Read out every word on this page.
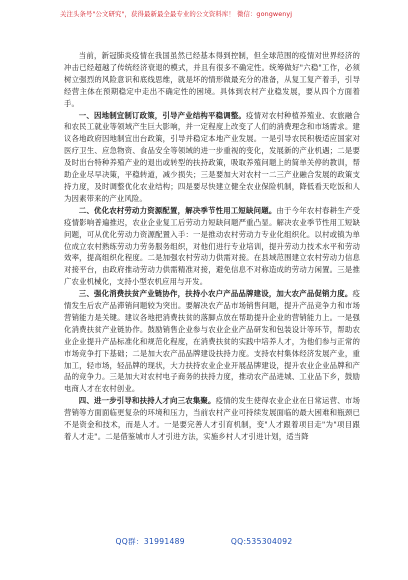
关注头条号"公文研究"，获得最新最全最专业的公文资料库！ 微信：gongwenyj

当前，新冠肺炎疫情在我国虽然已经基本得到控制，但全球范围的疫情对世界经济的冲击已经超越了传统经济衰退的模式，并且有很多不确定性。统筹做好"六稳"工作，必须树立强烈的风险意识和底线思维，就是坏的情形做最充分的准备，从复工复产着手，引导经营主体在预期稳定中走出不确定性的困境。具体到农村产业稳发展，要从四个方面着手。

一、因地制宜制订政策，引导产业结构平稳调整。疫情对农村种植养殖业、农旅融合和农民工就业等领域产生巨大影响，并一定程度上改变了人们的消费理念和市场需求。建议各地政府因地制宜出台政策，引导并稳定本地产业发展。一是引导农民积极适应国家对医疗卫生、应急物资、食品安全等领域的进一步重视的变化，发展新的产业机遇；二是要及时出台特种养殖产业的退出或转型的扶持政策，吸取养殖问题上的简单关停的教训，帮助企业尽早决策，平稳转道，减少损失；三是要加大对农村一二三产业融合发展的政策支持力度，及时调整优化农业结构；四是要尽快建立健全农业保险机制，降低看天吃饭和人为因素带来的产业风险。

二、优化农村劳动力资源配置，解决季节性用工短缺问题。由于今年农村春耕生产受疫情影响普遍推迟，农业企业复工后劳动力短缺问题严重凸显。解决农业季节性用工短缺问题，可从优化劳动力资源配置入手：一是推动农村劳动力专业化组织化。以村或镇为单位成立农村熟练劳动力劳务服务组织，对他们进行专业培训，提升劳动力技术水平和劳动效率，提高组织化程度。二是加强农村劳动力供需对接。在县域范围建立农村劳动力信息对接平台，由政府推动劳动力供需精准对接，避免信息不对称造成的劳动力闲置。三是推广农业机械化，支持小型农机应用与开发。

三、强化消费扶贫产业链协作，扶持小农户产品品牌建设，加大农产品促销力度。疫情发生后农产品滞销问题较为突出。要解决农产品市场销售问题，提升产品竞争力和市场营销能力是关键。建议各地把消费扶贫的落脚点放在帮助提升企业的营销能力上。一是强化消费扶贫产业链协作。鼓励销售企业参与农业企业产品研发和包装设计等环节，帮助农业企业提升产品标准化和规范化程度，在消费扶贫的实践中培养人才，为他们参与正常的市场竞争打下基础；二是加大农产品品牌建设扶持力度。支持农村集体经济发展产业，重加工，轻市场，轻品牌的现状，大力扶持农业企业开展品牌建设，提升农业企业品牌和产品的竞争力。三是加大对农村电子商务的扶持力度，推动农产品进城、工业品下乡，鼓励电商人才在农村创业。

四、进一步引导和扶持人才向三农集聚。疫情的发生使得农业企业在日常运营、市场营销等方面面临更复杂的环境和压力，当前农村产业可持续发展面临的最大困难和瓶颈已不是资金和技术，而是人才。一是要完善人才引育机制，变"人才跟着项目走"为"项目跟着人才走"。二是借鉴城市人才引进方法，实施乡村人才引进计划，适当降

QQ群：31991489	QQ:535304092
